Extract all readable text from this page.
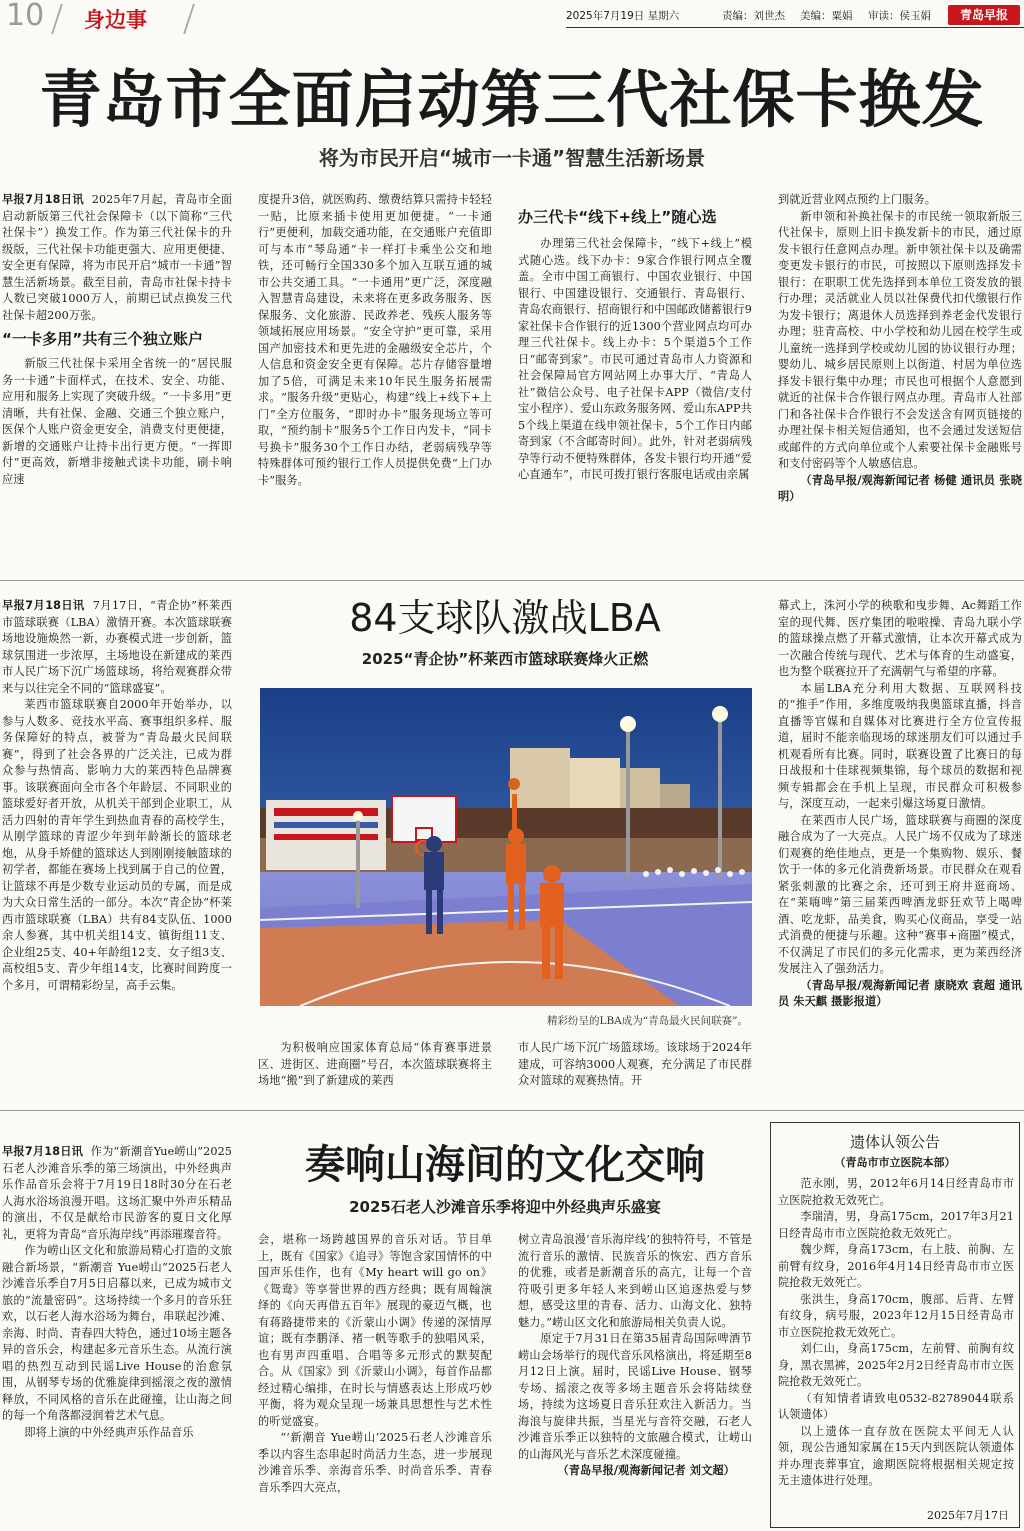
10 身边事	2025年7月19日 星期六	责编：刘世杰 美编：粟娟 审读：侯玉娟	青岛早报
青岛市全面启动第三代社保卡换发
将为市民开启“城市一卡通”智慧生活新场景

早报7月18日讯 2025年7月起，青岛市全面启动新版第三代社会保障卡（以下简称“三代社保卡”）换发工作。作为第三代社保卡的升级版，三代社保卡功能更强大、应用更便捷、安全更有保障，将为市民开启“城市一卡通”智慧生活新场景。截至目前，青岛市社保卡持卡人数已突破1000万人，前期已试点换发三代社保卡超200万张。

“一卡多用”共有三个独立账户

新版三代社保卡采用全省统一的“居民服务一卡通”卡面样式，在技术、安全、功能、应用和服务上实现了突破升级。“一卡多用”更清晰，共有社保、金融、交通三个独立账户，医保个人账户资金更安全，消费支付更便捷，新增的交通账户让持卡出行更方便。“一挥即付”更高效，新增非接触式读卡功能，刷卡响应速

度提升3倍，就医购药、缴费结算只需持卡轻轻一贴，比原来插卡使用更加便捷。“一卡通行”更便利，加载交通功能，在交通账户充值即可与本市“琴岛通”卡一样打卡乘坐公交和地铁，还可畅行全国330多个加入互联互通的城市公共交通工具。“一卡通用”更广泛，深度融入智慧青岛建设，未来将在更多政务服务、医保服务、文化旅游、民政养老、残疾人服务等领域拓展应用场景。“安全守护”更可靠，采用国产加密技术和更先进的金融级安全芯片，个人信息和资金安全更有保障。芯片存储容量增加了5倍，可满足未来10年民生服务拓展需求。“服务升级”更贴心，构建“线上+线下+上门”全方位服务，“即时办卡”服务现场立等可取，“预约制卡”服务5个工作日内发卡，“同卡号换卡”服务30个工作日办结，老弱病残孕等特殊群体可预约银行工作人员提供免费“上门办卡”服务。

办三代卡“线下+线上”随心选

办理第三代社会保障卡，“线下+线上”模式随心选。线下办卡：9家合作银行网点全覆盖。全市中国工商银行、中国农业银行、中国银行、中国建设银行、交通银行、青岛银行、青岛农商银行、招商银行和中国邮政储蓄银行9家社保卡合作银行的近1300个营业网点均可办理三代社保卡。线上办卡：5个渠道5个工作日“邮寄到家”。市民可通过青岛市人力资源和社会保障局官方网站网上办事大厅、“青岛人社”微信公众号、电子社保卡APP（微信/支付宝小程序）、爱山东政务服务网、爱山东APP共5个线上渠道在线申领社保卡，5个工作日内邮寄到家（不含邮寄时间）。此外，针对老弱病残孕等行动不便特殊群体，各发卡银行均开通“爱心直通车”，市民可拨打银行客服电话或由亲属

到就近营业网点预约上门服务。

新申领和补换社保卡的市民统一领取新版三代社保卡，原则上旧卡换发新卡的市民，通过原发卡银行任意网点办理。新申领社保卡以及确需变更发卡银行的市民，可按照以下原则选择发卡银行：在职职工优先选择到本单位工资发放的银行办理；灵活就业人员以社保费代扣代缴银行作为发卡银行；离退休人员选择到养老金代发银行办理；驻青高校、中小学校和幼儿园在校学生或儿童统一选择到学校或幼儿园的协议银行办理；婴幼儿、城乡居民原则上以街道、村居为单位选择发卡银行集中办理；市民也可根据个人意愿到就近的社保卡合作银行网点办理。青岛市人社部门和各社保卡合作银行不会发送含有网页链接的办理社保卡相关短信通知，也不会通过发送短信或邮件的方式向单位或个人索要社保卡金融账号和支付密码等个人敏感信息。

（青岛早报/观海新闻记者 杨健 通讯员 张晓明）

早报7月18日讯 7月17日，“青企协”杯莱西市篮球联赛（LBA）激情开赛。本次篮球联赛场地设施焕然一新，办赛模式进一步创新，篮球氛围进一步浓厚，主场地设在新建成的莱西市人民广场下沉广场篮球场，将给观赛群众带来与以往完全不同的“篮球盛宴”。

莱西市篮球联赛自2000年开始举办，以参与人数多、竞技水平高、赛事组织多样、服务保障好的特点，被誉为“青岛最火民间联赛”，得到了社会各界的广泛关注，已成为群众参与热情高、影响力大的莱西特色品牌赛事。该联赛面向全市各个年龄层、不同职业的篮球爱好者开放，从机关干部到企业职工，从活力四射的青年学生到热血青春的高校学生，从刚学篮球的青涩少年到年龄渐长的篮球老炮，从身手矫健的篮球达人到刚刚接触篮球的初学者，都能在赛场上找到属于自己的位置，让篮球不再是少数专业运动员的专属，而是成为大众日常生活的一部分。本次“青企协”杯莱西市篮球联赛（LBA）共有84支队伍、1000余人参赛，其中机关组14支、镇街组11支、企业组25支、40+年龄组12支、女子组3支、高校组5支、青少年组14支，比赛时间跨度一个多月，可谓精彩纷呈，高手云集。

84支球队激战LBA
2025“青企协”杯莱西市篮球联赛烽火正燃
精彩纷呈的LBA成为“青岛最火民间联赛”。

为积极响应国家体育总局“体育赛事进景区、进街区、进商圈”号召，本次篮球联赛将主场地“搬”到了新建成的莱西

市人民广场下沉广场篮球场。该球场于2024年建成，可容纳3000人观赛，充分满足了市民群众对篮球的观赛热情。开

幕式上，洙河小学的秧歌和曳步舞、Ac舞蹈工作室的现代舞、医疗集团的啦啦操、青岛九联小学的篮球操点燃了开幕式激情，让本次开幕式成为一次融合传统与现代、艺术与体育的生动盛宴，也为整个联赛拉开了充满朝气与希望的序幕。

本届LBA充分利用大数据、互联网科技的“推手”作用，多维度吸纳我奥篮球直播，抖音直播等官媒和自媒体对比赛进行全方位宣传报道，届时不能亲临现场的球迷朋友们可以通过手机观看所有比赛。同时，联赛设置了比赛日的每日战报和十佳球视频集锦，每个球员的数据和视频专辑都会在手机上呈现，市民群众可积极参与，深度互动，一起来引爆这场夏日激情。

在莱西市人民广场，篮球联赛与商圈的深度融合成为了一大亮点。人民广场不仅成为了球迷们观赛的绝佳地点，更是一个集购物、娱乐、餐饮于一体的多元化消费新场景。市民群众在观看紧张刺激的比赛之余，还可到王府井逛商场、在“莱嗨啤”第三届莱西啤酒龙虾狂欢节上喝啤酒、吃龙虾，品美食，购买心仪商品，享受一站式消费的便捷与乐趣。这种“赛事+商圈”模式，不仅满足了市民们的多元化需求，更为莱西经济发展注入了强劲活力。

（青岛早报/观海新闻记者 康晓欢 袁超 通讯员 朱天麒 摄影报道）

早报7月18日讯 作为“新潮音Yue崂山”2025石老人沙滩音乐季的第三场演出，中外经典声乐作品音乐会将于7月19日18时30分在石老人海水浴场浪漫开唱。这场汇聚中外声乐精品的演出，不仅是献给市民游客的夏日文化厚礼，更将为青岛“音乐海岸线”再添璀璨音符。

作为崂山区文化和旅游局精心打造的文旅融合新场景，“新潮音 Yue崂山”2025石老人沙滩音乐季自7月5日启幕以来，已成为城市文旅的“流量密码”。这场持续一个多月的音乐狂欢，以石老人海水浴场为舞台，串联起沙滩、亲海、时尚、青春四大特色，通过10场主题各异的音乐会，构建起多元音乐生态。从流行演唱的热烈互动到民谣Live House的治愈氛围，从钢琴专场的优雅旋律到摇滚之夜的激情释放，不同风格的音乐在此碰撞，让山海之间的每一个角落都浸润着艺术气息。

即将上演的中外经典声乐作品音乐

奏响山海间的文化交响
2025石老人沙滩音乐季将迎中外经典声乐盛宴

会，堪称一场跨越国界的音乐对话。节目单上，既有《国家》《追寻》等饱含家国情怀的中国声乐佳作，也有《My heart will go on》《鸳鸯》等享誉世界的西方经典；既有周翰演绎的《向天再借五百年》展现的豪迈气概，也有蒋路捷带来的《沂蒙山小调》传递的深情厚谊；既有李鹏泽、褚一帆等歌手的独唱风采，也有男声四重唱、合唱等多元形式的默契配合。从《国家》到《沂蒙山小调》，每首作品都经过精心编排，在时长与情感表达上形成巧妙平衡，将为观众呈现一场兼具思想性与艺术性的听觉盛宴。

“‘新潮音 Yue崂山’2025石老人沙滩音乐季以内容生态串起时尚活力生态，进一步展现沙滩音乐季、亲海音乐季、时尚音乐季、青春音乐季四大亮点，

树立青岛浪漫‘音乐海岸线’的独特符号，不管是流行音乐的激情、民族音乐的恢宏、西方音乐的优雅，或者是新潮音乐的高亢，让每一个音符吸引更多年轻人来到崂山区追逐热爱与梦想，感受这里的青春、活力、山海文化、独特魅力。”崂山区文化和旅游局相关负责人说。

原定于7月31日在第35届青岛国际啤酒节崂山会场举行的现代音乐风格演出，将延期至8月12日上演。届时，民谣Live House、钢琴专场、摇滚之夜等多场主题音乐会将陆续登场，持续为这场夏日音乐狂欢注入新活力。当海浪与旋律共振，当星光与音符交融，石老人沙滩音乐季正以独特的文旅融合模式，让崂山的山海风光与音乐艺术深度碰撞。

（青岛早报/观海新闻记者 刘文超）

遗体认领公告
（青岛市市立医院本部）

范永刚，男，2012年6月14日经青岛市市立医院抢救无效死亡。

李瑞清，男，身高175cm，2017年3月21日经青岛市市立医院抢救无效死亡。

魏少辉，身高173cm，右上肢、前胸、左前臂有纹身，2016年4月14日经青岛市市立医院抢救无效死亡。

张洪生，身高170cm，腹部、后背、左臂有纹身，病号服，2023年12月15日经青岛市市立医院抢救无效死亡。

刘仁山，身高175cm，左前臂、前胸有纹身，黑衣黑裤，2025年2月2日经青岛市市立医院抢救无效死亡。

（有知情者请致电0532-82789044联系认领遗体）

以上遗体一直存放在医院太平间无人认领，现公告通知家属在15天内到医院认领遗体并办理丧葬事宜，逾期医院将根据相关规定按无主遗体进行处理。

2025年7月17日
